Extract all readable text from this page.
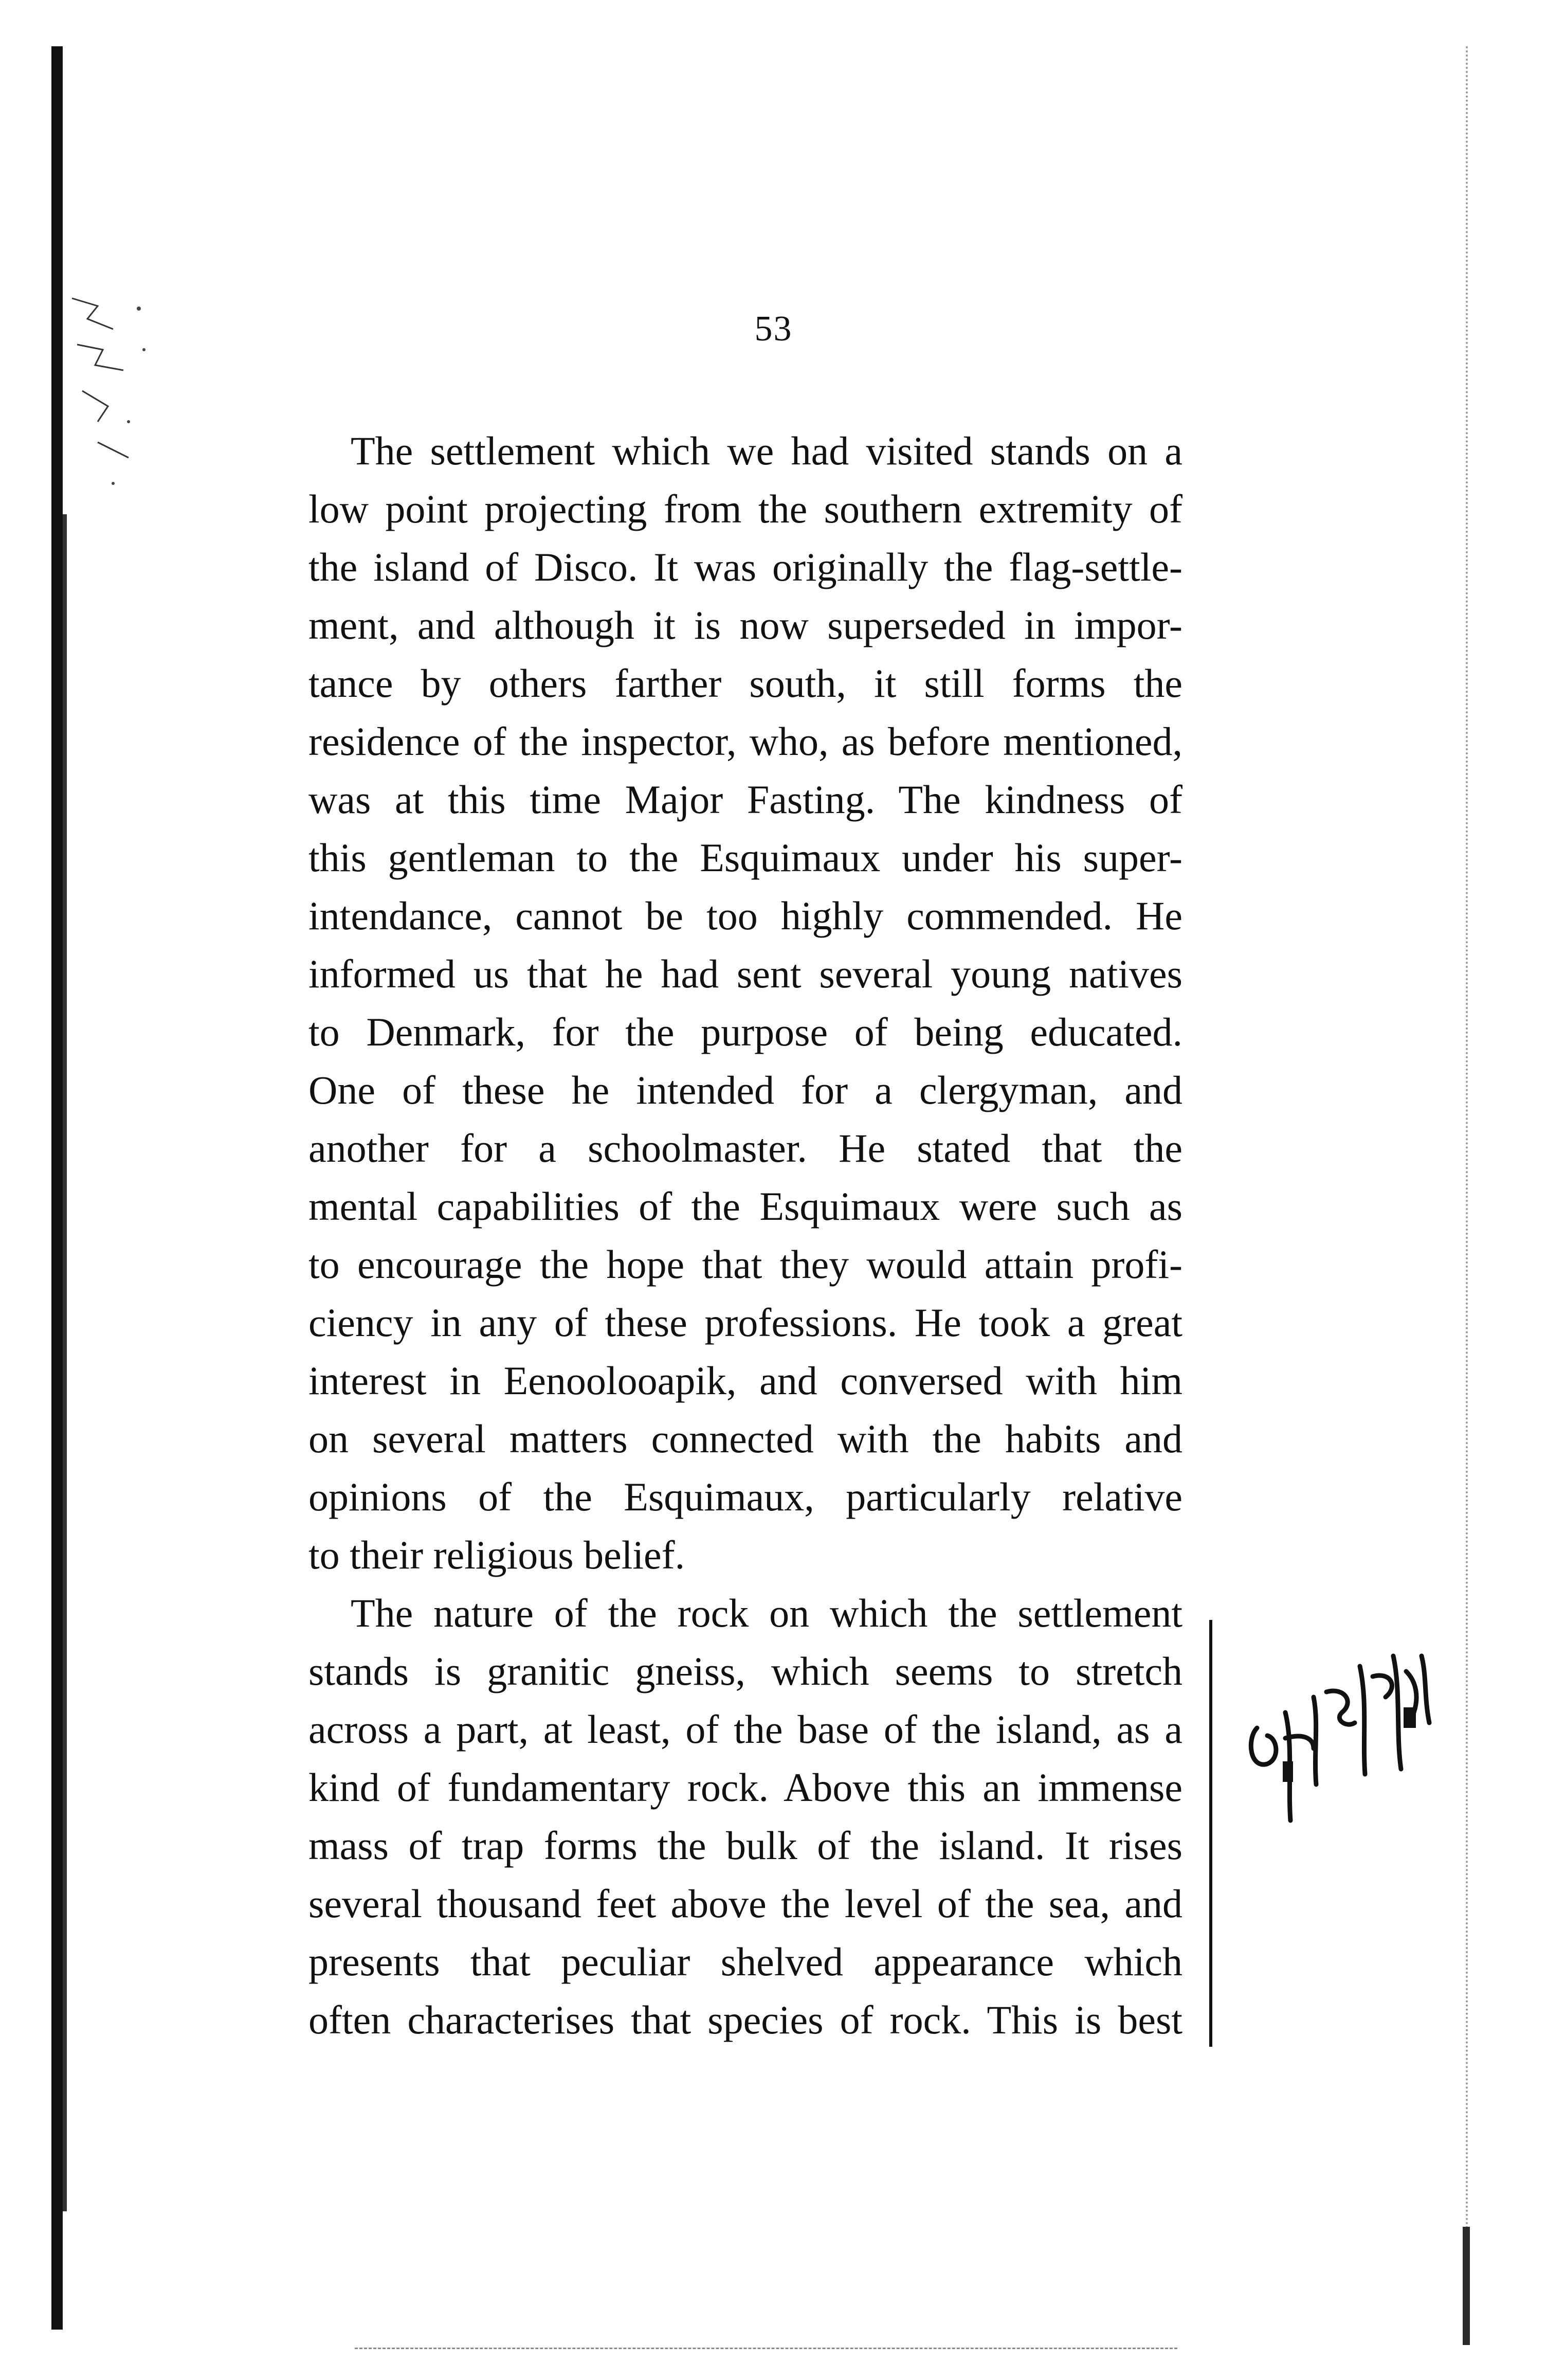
53
The settlement which we had visited stands on a
low point projecting from the southern extremity of
the island of Disco. It was originally the flag-settle-
ment, and although it is now superseded in impor-
tance by others farther south, it still forms the
residence of the inspector, who, as before mentioned,
was at this time Major Fasting. The kindness of
this gentleman to the Esquimaux under his super-
intendance, cannot be too highly commended. He
informed us that he had sent several young natives
to Denmark, for the purpose of being educated.
One of these he intended for a clergyman, and
another for a schoolmaster. He stated that the
mental capabilities of the Esquimaux were such as
to encourage the hope that they would attain profi-
ciency in any of these professions. He took a great
interest in Eenoolooapik, and conversed with him
on several matters connected with the habits and
opinions of the Esquimaux, particularly relative
to their religious belief.
The nature of the rock on which the settlement
stands is granitic gneiss, which seems to stretch
across a part, at least, of the base of the island, as a
kind of fundamentary rock. Above this an immense
mass of trap forms the bulk of the island. It rises
several thousand feet above the level of the sea, and
presents that peculiar shelved appearance which
often characterises that species of rock. This is best
